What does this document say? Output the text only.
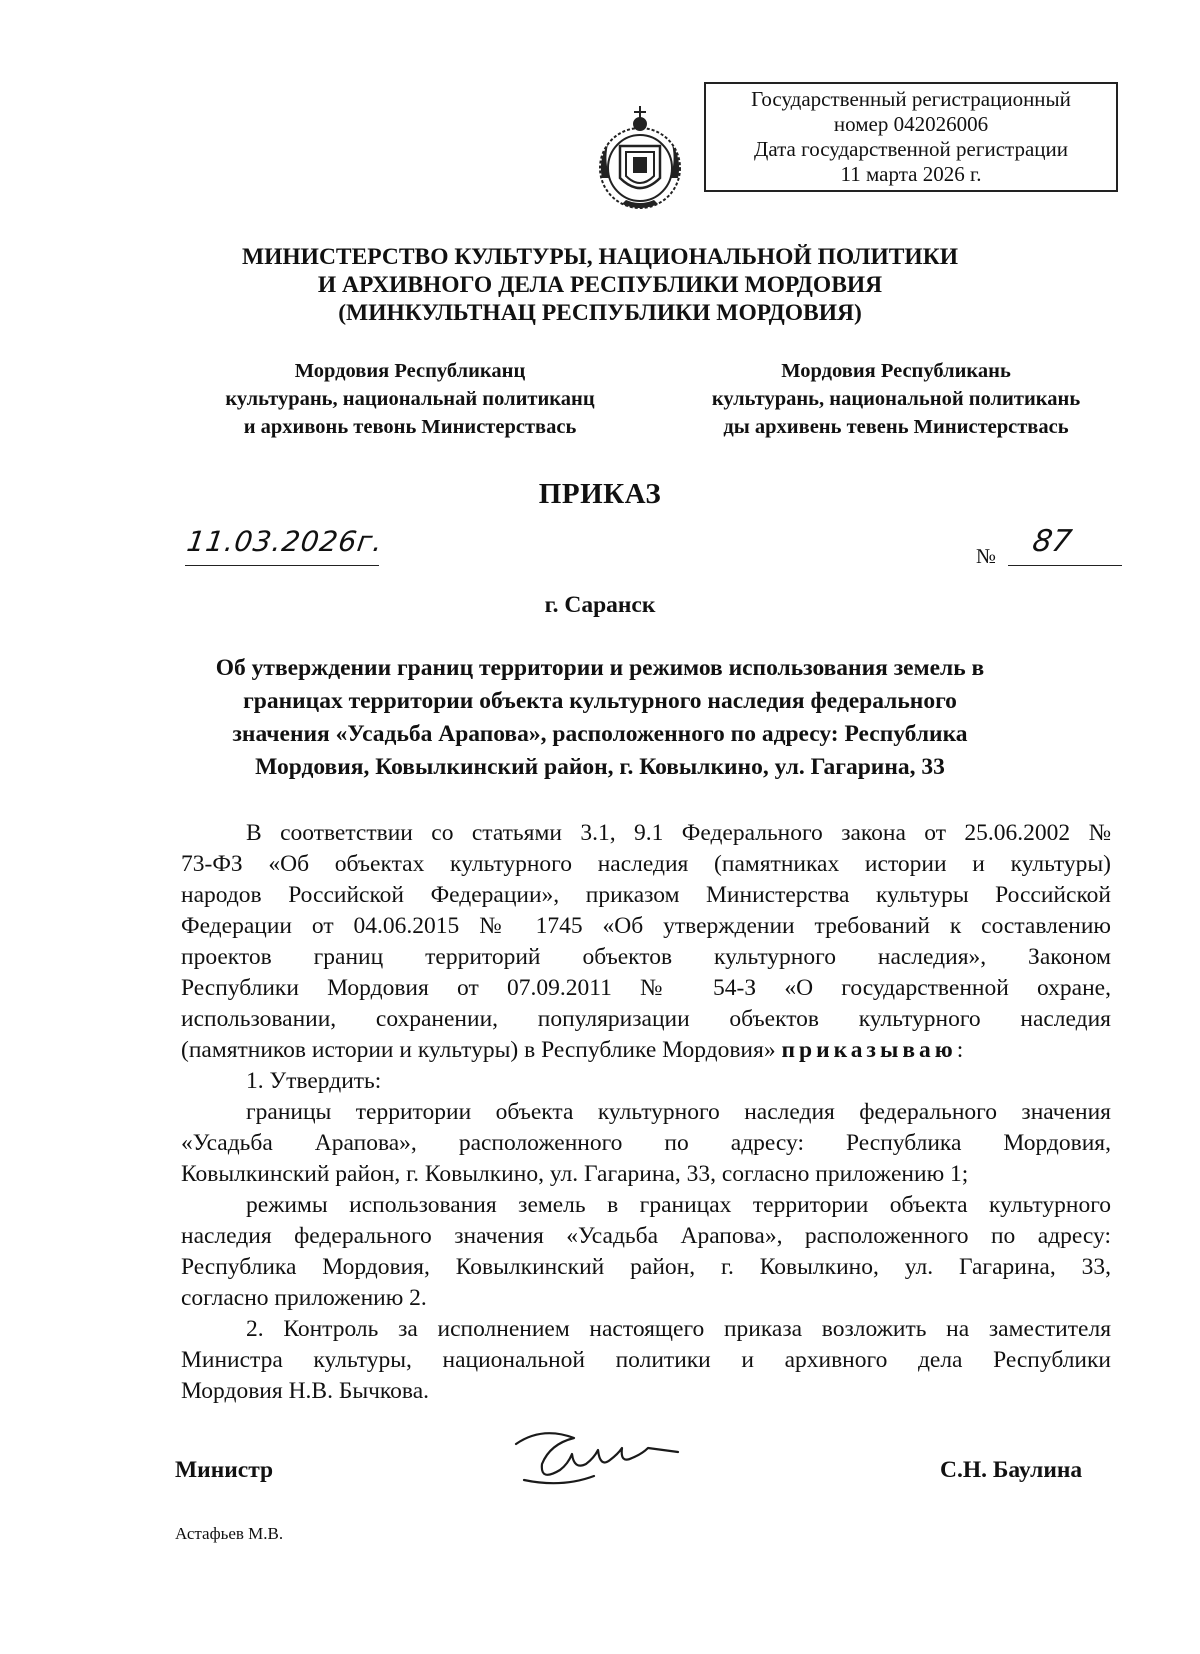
Государственный регистрационный
номер 042026006
Дата государственной регистрации
11 марта 2026 г.
МИНИСТЕРСТВО КУЛЬТУРЫ, НАЦИОНАЛЬНОЙ ПОЛИТИКИ
И АРХИВНОГО ДЕЛА РЕСПУБЛИКИ МОРДОВИЯ
(МИНКУЛЬТНАЦ РЕСПУБЛИКИ МОРДОВИЯ)
Мордовия Республиканц
культурань, национальнай политиканц
и архивонь тевонь Министерствась
Мордовия Республикань
культурань, национальной политикань
ды архивень тевень Министерствась
ПРИКАЗ
11.03.2026г.	№	87
г. Саранск
Об утверждении границ территории и режимов использования земель в
границах территории объекта культурного наследия федерального
значения «Усадьба Арапова», расположенного по адресу: Республика
Мордовия, Ковылкинский район, г. Ковылкино, ул. Гагарина, 33
В соответствии со статьями 3.1, 9.1 Федерального закона от 25.06.2002 №
73-ФЗ «Об объектах культурного наследия (памятниках истории и культуры)
народов Российской Федерации», приказом Министерства культуры Российской
Федерации от 04.06.2015 № 1745 «Об утверждении требований к составлению
проектов границ территорий объектов культурного наследия», Законом
Республики Мордовия от 07.09.2011 № 54-З «О государственной охране,
использовании, сохранении, популяризации объектов культурного наследия
(памятников истории и культуры) в Республике Мордовия» приказываю:
1. Утвердить:
границы территории объекта культурного наследия федерального значения
«Усадьба Арапова», расположенного по адресу: Республика Мордовия,
Ковылкинский район, г. Ковылкино, ул. Гагарина, 33, согласно приложению 1;
режимы использования земель в границах территории объекта культурного
наследия федерального значения «Усадьба Арапова», расположенного по адресу:
Республика Мордовия, Ковылкинский район, г. Ковылкино, ул. Гагарина, 33,
согласно приложению 2.
2. Контроль за исполнением настоящего приказа возложить на заместителя
Министра культуры, национальной политики и архивного дела Республики
Мордовия Н.В. Бычкова.
Министр	С.Н. Баулина
Астафьев М.В.
